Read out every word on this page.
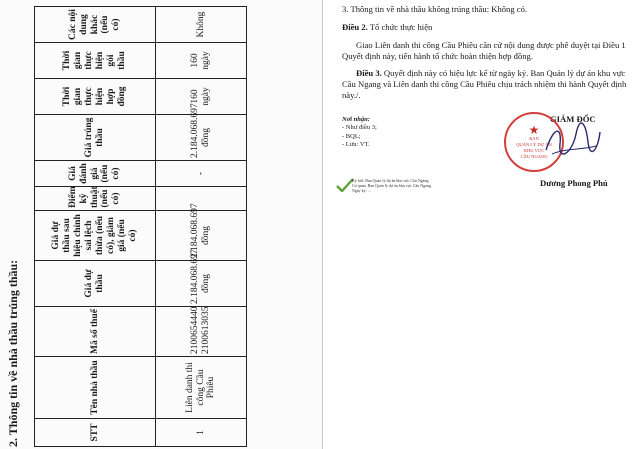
2. Thông tin về nhà thầu trúng thầu:	STT	Tên nhà thầu	Mã số thuế	Giá dự thầu	Giá dự thầu sau hiệu chỉnh sai lệch thừa (nếu có), giảm giá (nếu có)	Điểm kỹ thuật (nếu có)	Giá đánh giá (nếu có)	Giá trúng thầu	Thời gian thực hiện hợp đồng	Thời gian thực hiện gói thầu	Các nội dung khác (nếu có)
1	Liên danh thi công Cầu Phiêu	2100654440 2100613035	2.184.068.697 đồng	2.184.068.697 đồng		-	2.184.068.697 đồng	160 ngày	160 ngày	Không
3. Thông tin về nhà thầu không trúng thầu: Không có.
Điều 2. Tổ chức thực hiện
Giao Liên danh thi công Cầu Phiêu căn cứ nội dung được phê duyệt tại Điều 1 Quyết định này, tiến hành tổ chức hoàn thiện hợp đồng.
Điều 3. Quyết định này có hiệu lực kể từ ngày ký. Ban Quản lý dự án khu vực Cầu Ngang và Liên danh thi công Cầu Phiêu chịu trách nhiệm thi hành Quyết định này./.
Nơi nhận:
- Như điều 3;
- BQL;
- Lưu: VT.
GIÁM ĐỐC
★
BAN
QUẢN LÝ DỰ ÁN
KHU VỰC
CẦU NGANG
Ký bởi: Ban Quản lý dự án khu vực Cầu Ngang
Cơ quan: Ban Quản lý dự án khu vực Cầu Ngang
Ngày ký: ...
Dương Phong Phú
